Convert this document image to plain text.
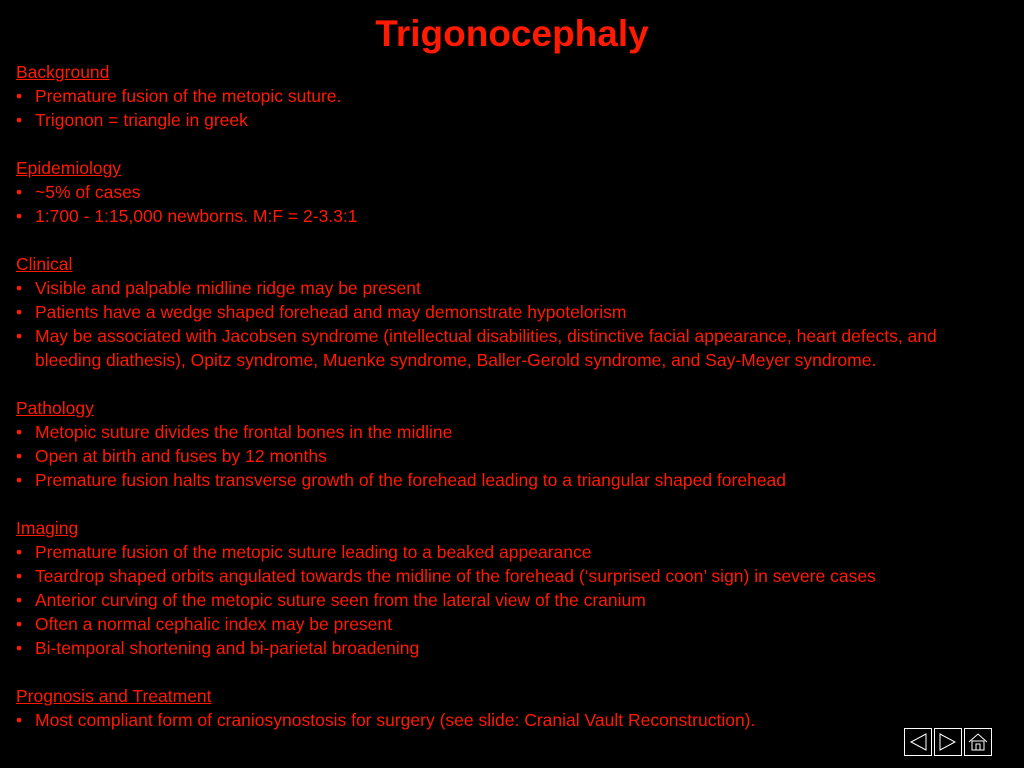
Trigonocephaly
Background
• Premature fusion of the metopic suture.
• Trigonon = triangle in greek
Epidemiology
• ~5% of cases
• 1:700 - 1:15,000 newborns. M:F = 2-3.3:1
Clinical
• Visible and palpable midline ridge may be present
• Patients have a wedge shaped forehead and may demonstrate hypotelorism
• May be associated with Jacobsen syndrome (intellectual disabilities, distinctive facial appearance, heart defects, and bleeding diathesis), Opitz syndrome, Muenke syndrome, Baller-Gerold syndrome, and Say-Meyer syndrome.
Pathology
• Metopic suture divides the frontal bones in the midline
• Open at birth and fuses by 12 months
• Premature fusion halts transverse growth of the forehead leading to a triangular shaped forehead
Imaging
• Premature fusion of the metopic suture leading to a beaked appearance
• Teardrop shaped orbits angulated towards the midline of the forehead (‘surprised coon’ sign) in severe cases
• Anterior curving of the metopic suture seen from the lateral view of the cranium
• Often a normal cephalic index may be present
• Bi-temporal shortening and bi-parietal broadening
Prognosis and Treatment
• Most compliant form of craniosynostosis for surgery (see slide: Cranial Vault Reconstruction).
